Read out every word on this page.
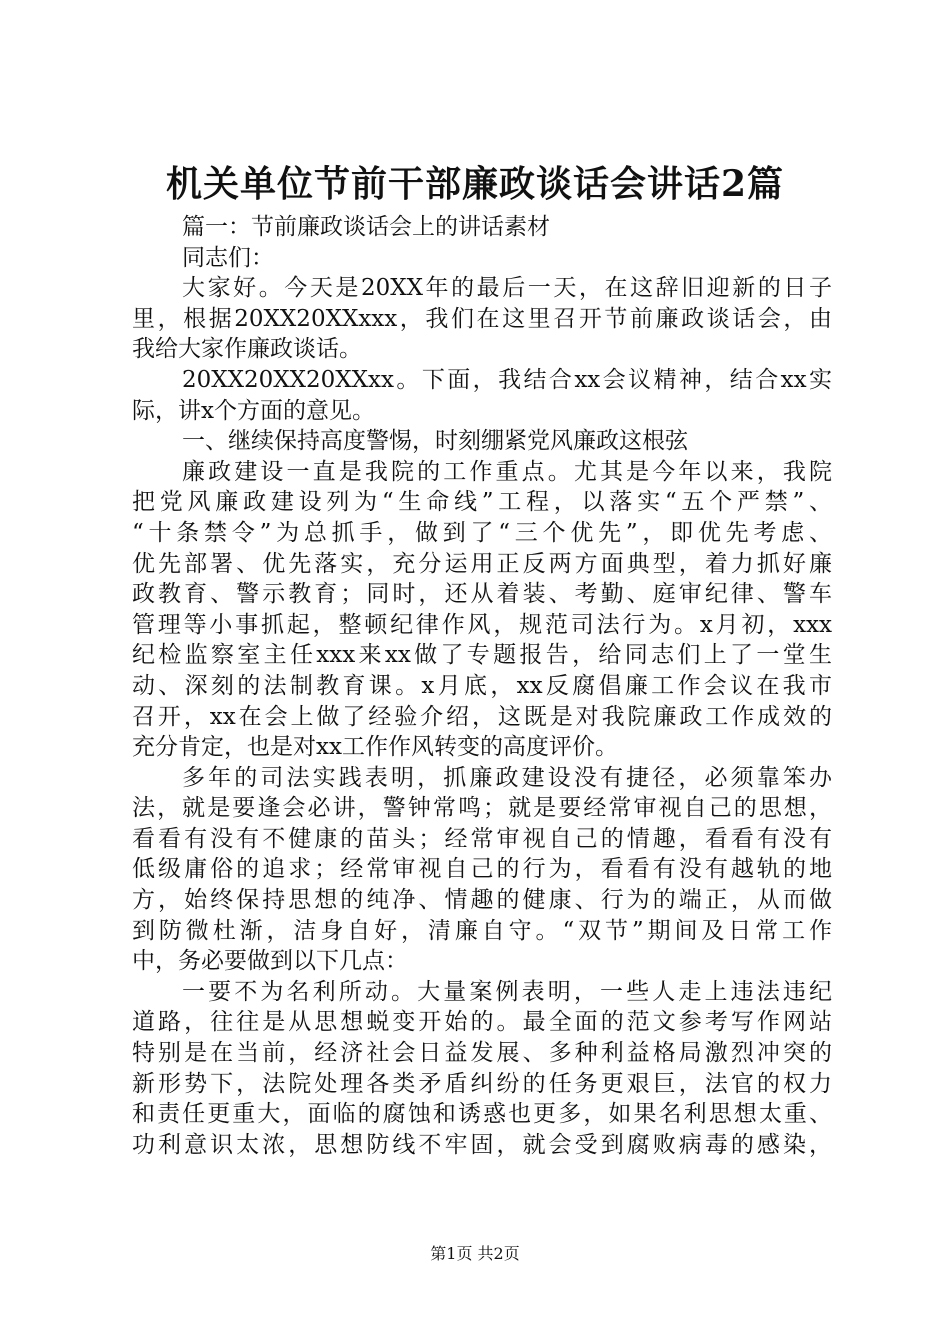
机关单位节前干部廉政谈话会讲话2篇
篇一：节前廉政谈话会上的讲话素材
同志们：
大家好。今天是20XX年的最后一天，在这辞旧迎新的日子
里，根据20XX20XXxxx，我们在这里召开节前廉政谈话会，由
我给大家作廉政谈话。
20XX20XX20XXxx。下面，我结合xx会议精神，结合xx实
际，讲x个方面的意见。
一、继续保持高度警惕，时刻绷紧党风廉政这根弦
廉政建设一直是我院的工作重点。尤其是今年以来，我院
把党风廉政建设列为“生命线”工程，以落实“五个严禁”、
“十条禁令”为总抓手，做到了“三个优先”，即优先考虑、
优先部署、优先落实，充分运用正反两方面典型，着力抓好廉
政教育、警示教育；同时，还从着装、考勤、庭审纪律、警车
管理等小事抓起，整顿纪律作风，规范司法行为。x月初，xxx
纪检监察室主任xxx来xx做了专题报告，给同志们上了一堂生
动、深刻的法制教育课。x月底，xx反腐倡廉工作会议在我市
召开，xx在会上做了经验介绍，这既是对我院廉政工作成效的
充分肯定，也是对xx工作作风转变的高度评价。
多年的司法实践表明，抓廉政建设没有捷径，必须靠笨办
法，就是要逢会必讲，警钟常鸣；就是要经常审视自己的思想，
看看有没有不健康的苗头；经常审视自己的情趣，看看有没有
低级庸俗的追求；经常审视自己的行为，看看有没有越轨的地
方，始终保持思想的纯净、情趣的健康、行为的端正，从而做
到防微杜渐，洁身自好，清廉自守。“双节”期间及日常工作
中，务必要做到以下几点：
一要不为名利所动。大量案例表明，一些人走上违法违纪
道路，往往是从思想蜕变开始的。最全面的范文参考写作网站
特别是在当前，经济社会日益发展、多种利益格局激烈冲突的
新形势下，法院处理各类矛盾纠纷的任务更艰巨，法官的权力
和责任更重大，面临的腐蚀和诱惑也更多，如果名利思想太重、
功利意识太浓，思想防线不牢固，就会受到腐败病毒的感染，
第1页 共2页
